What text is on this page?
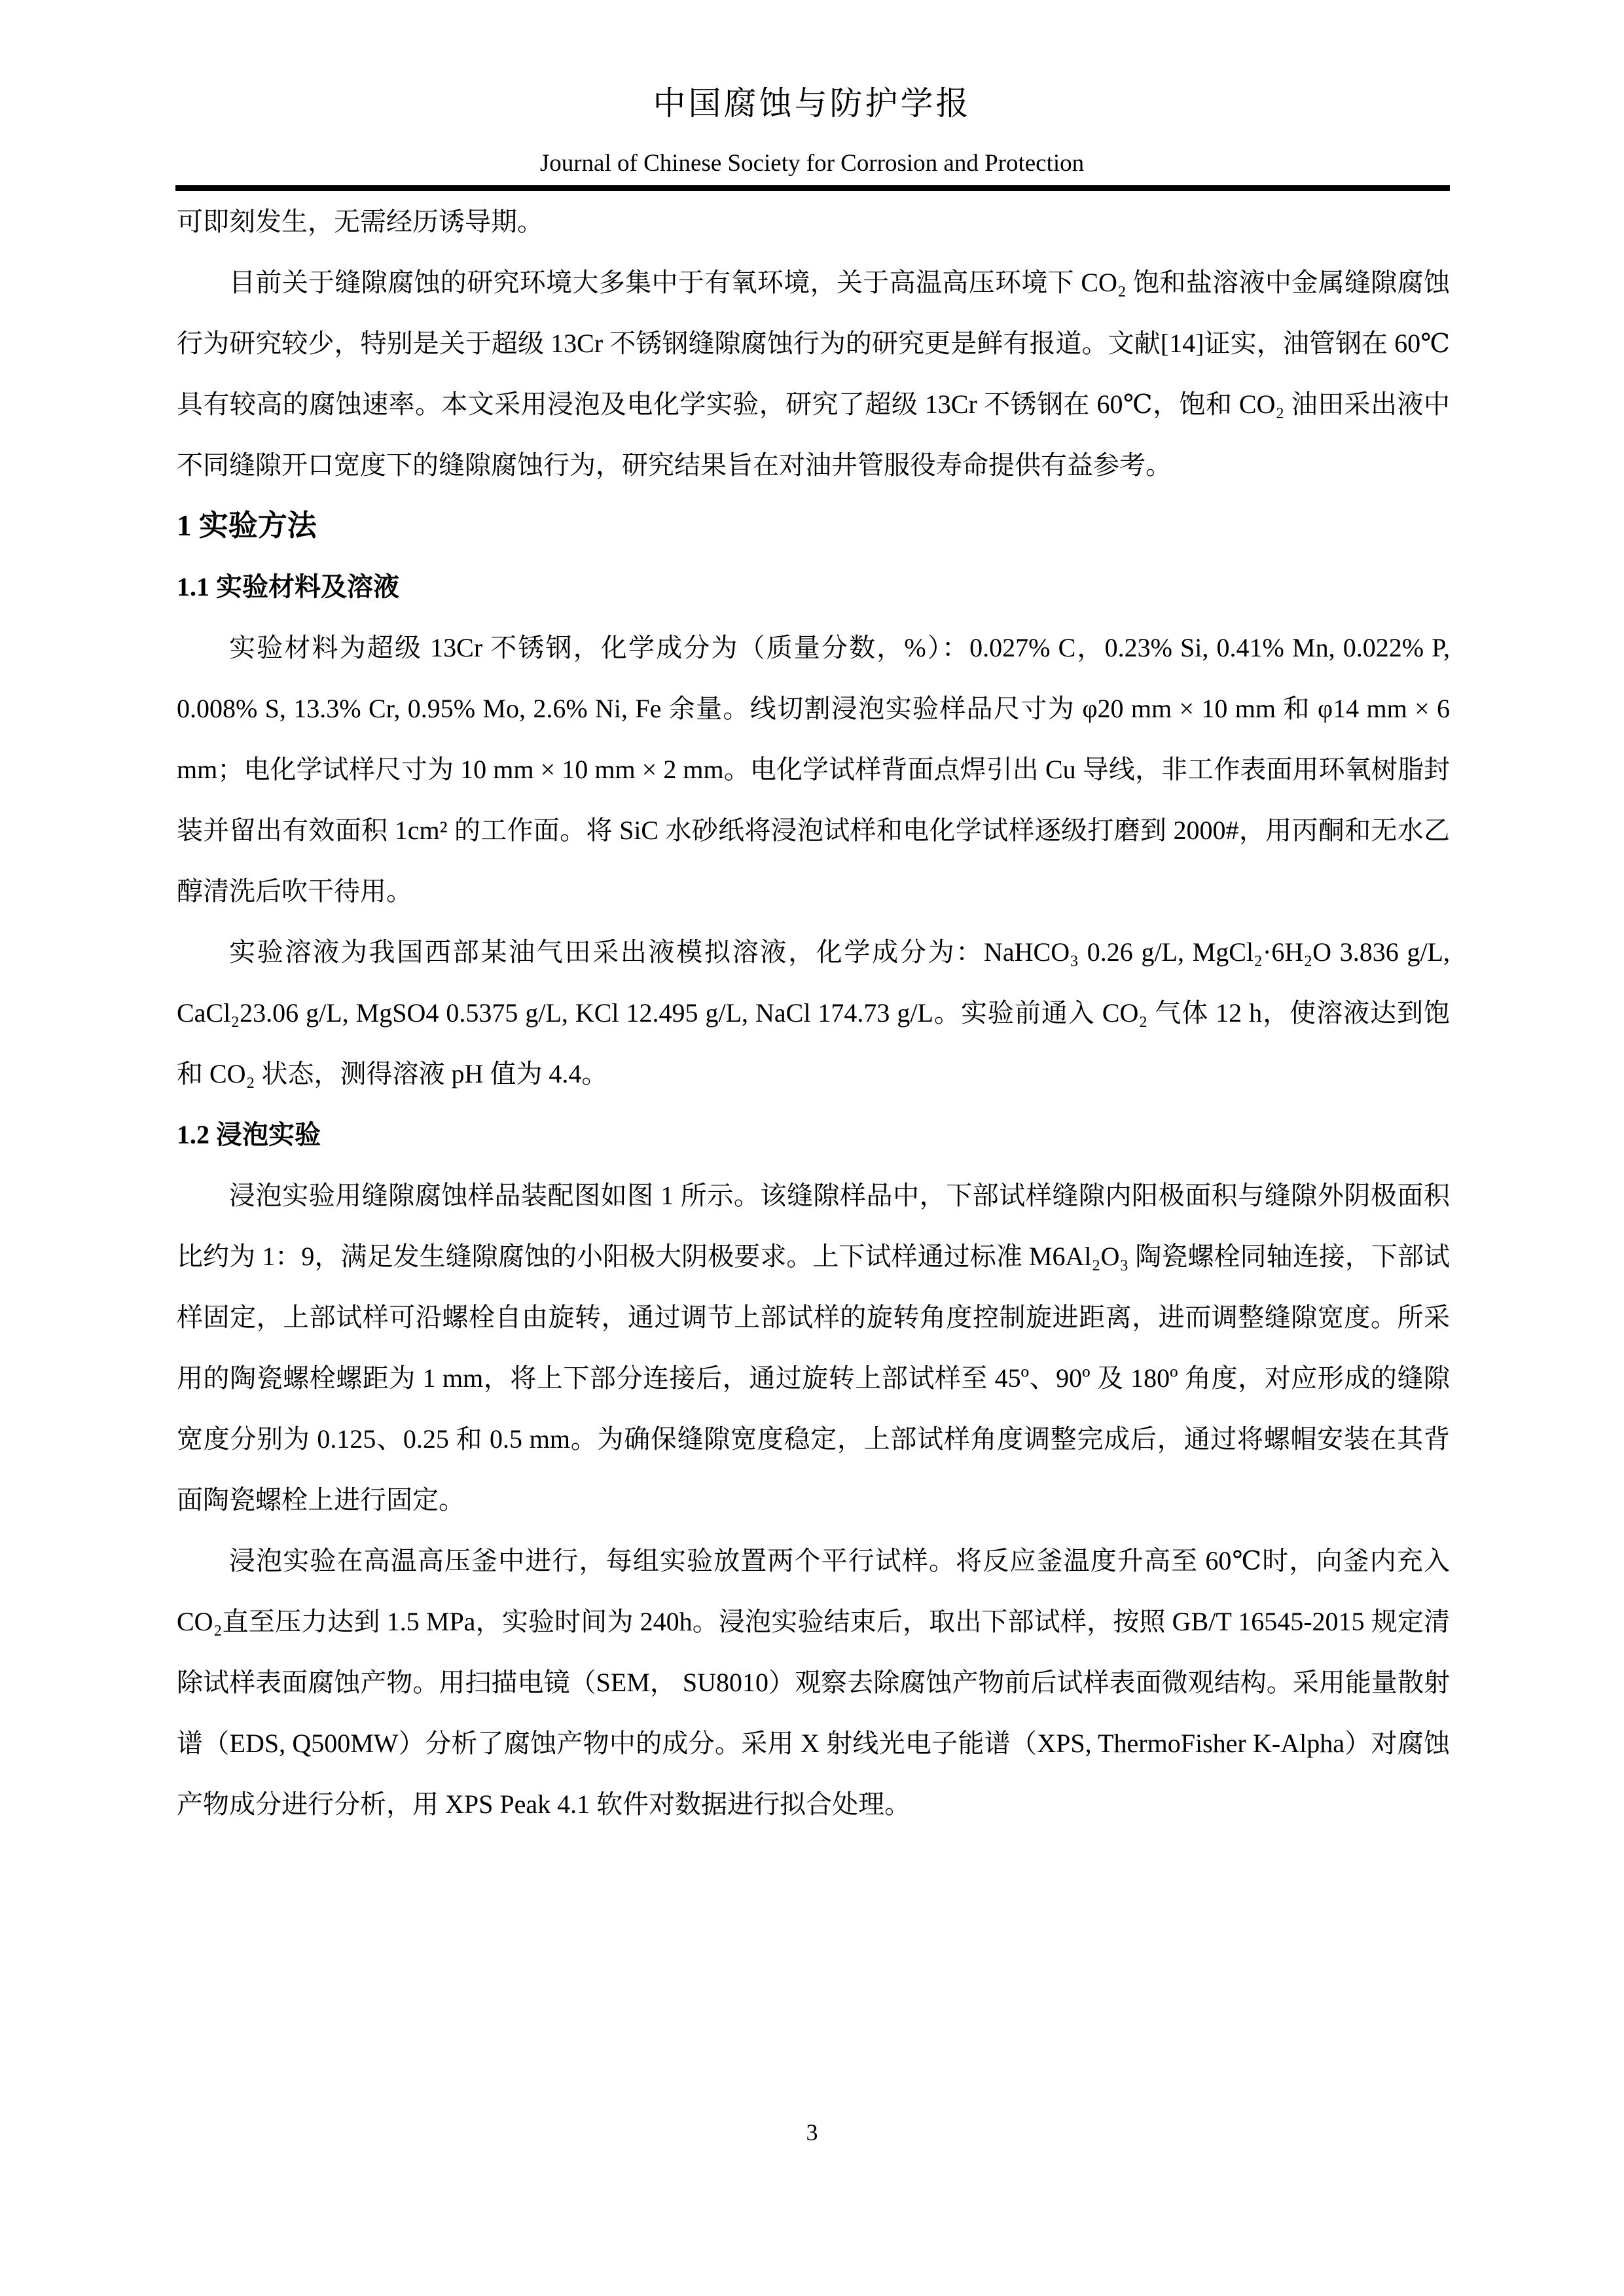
中国腐蚀与防护学报
Journal of Chinese Society for Corrosion and Protection

可即刻发生，无需经历诱导期。

目前关于缝隙腐蚀的研究环境大多集中于有氧环境，关于高温高压环境下 CO₂ 饱和盐溶液中金属缝隙腐蚀行为研究较少，特别是关于超级 13Cr 不锈钢缝隙腐蚀行为的研究更是鲜有报道。文献[14]证实，油管钢在 60℃具有较高的腐蚀速率。本文采用浸泡及电化学实验，研究了超级 13Cr 不锈钢在 60℃，饱和 CO₂ 油田采出液中不同缝隙开口宽度下的缝隙腐蚀行为，研究结果旨在对油井管服役寿命提供有益参考。

1 实验方法
1.1 实验材料及溶液

实验材料为超级 13Cr 不锈钢，化学成分为（质量分数，%）：0.027% C，0.23% Si, 0.41% Mn, 0.022% P, 0.008% S, 13.3% Cr, 0.95% Mo, 2.6% Ni, Fe 余量。线切割浸泡实验样品尺寸为 φ20 mm × 10 mm 和 φ14 mm × 6 mm；电化学试样尺寸为 10 mm × 10 mm × 2 mm。电化学试样背面点焊引出 Cu 导线，非工作表面用环氧树脂封装并留出有效面积 1cm² 的工作面。将 SiC 水砂纸将浸泡试样和电化学试样逐级打磨到 2000#，用丙酮和无水乙醇清洗后吹干待用。

实验溶液为我国西部某油气田采出液模拟溶液，化学成分为：NaHCO₃ 0.26 g/L, MgCl₂·6H₂O 3.836 g/L, CaCl₂23.06 g/L, MgSO4 0.5375 g/L, KCl 12.495 g/L, NaCl 174.73 g/L。实验前通入 CO₂ 气体 12 h，使溶液达到饱和 CO₂ 状态，测得溶液 pH 值为 4.4。

1.2 浸泡实验

浸泡实验用缝隙腐蚀样品装配图如图 1 所示。该缝隙样品中，下部试样缝隙内阳极面积与缝隙外阴极面积比约为 1：9，满足发生缝隙腐蚀的小阳极大阴极要求。上下试样通过标准 M6Al₂O₃ 陶瓷螺栓同轴连接，下部试样固定，上部试样可沿螺栓自由旋转，通过调节上部试样的旋转角度控制旋进距离，进而调整缝隙宽度。所采用的陶瓷螺栓螺距为 1 mm，将上下部分连接后，通过旋转上部试样至 45º、90º 及 180º 角度，对应形成的缝隙宽度分别为 0.125、0.25 和 0.5 mm。为确保缝隙宽度稳定，上部试样角度调整完成后，通过将螺帽安装在其背面陶瓷螺栓上进行固定。

浸泡实验在高温高压釜中进行，每组实验放置两个平行试样。将反应釜温度升高至 60℃时，向釜内充入 CO₂直至压力达到 1.5 MPa，实验时间为 240h。浸泡实验结束后，取出下部试样，按照 GB/T 16545-2015 规定清除试样表面腐蚀产物。用扫描电镜（SEM， SU8010）观察去除腐蚀产物前后试样表面微观结构。采用能量散射谱（EDS, Q500MW）分析了腐蚀产物中的成分。采用 X 射线光电子能谱（XPS, ThermoFisher K-Alpha）对腐蚀产物成分进行分析，用 XPS Peak 4.1 软件对数据进行拟合处理。

3
